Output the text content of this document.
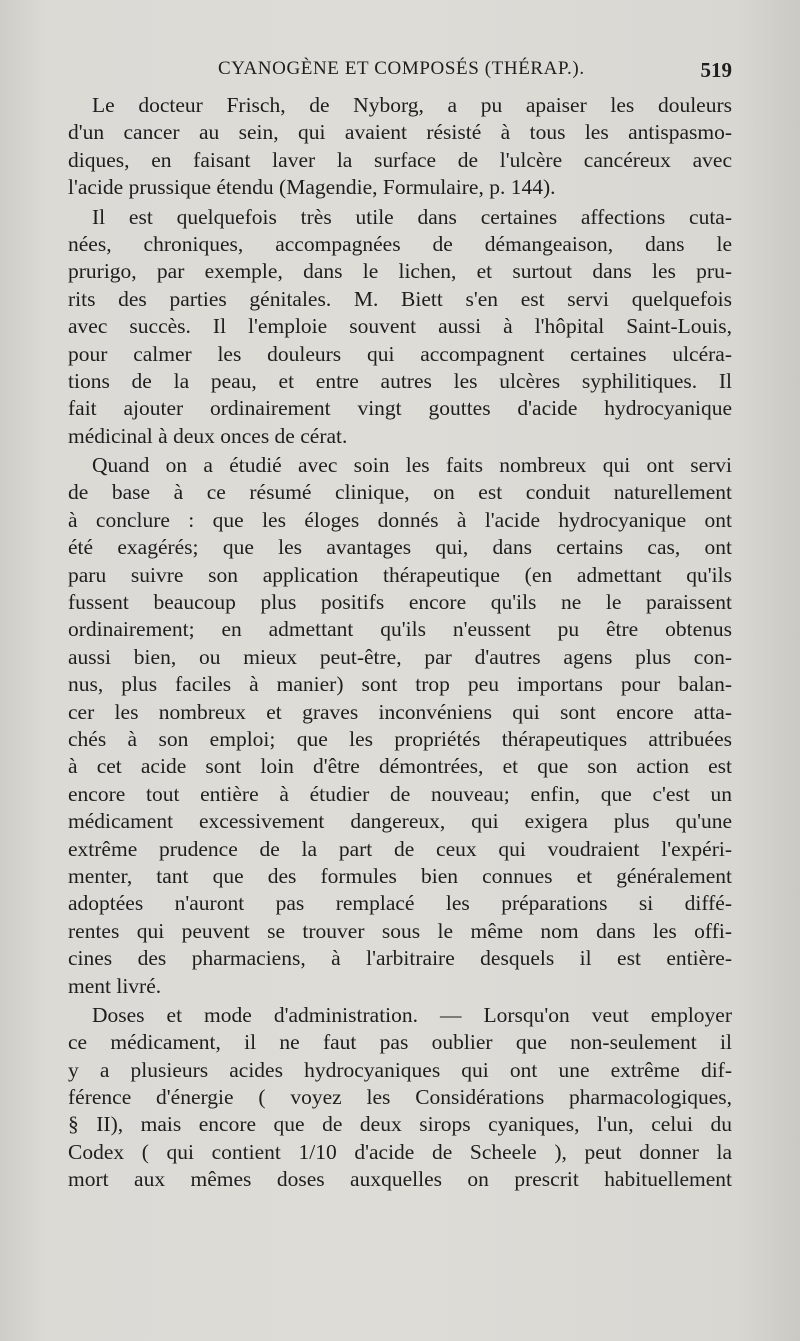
CYANOGÈNE ET COMPOSÉS (THÉRAP.).	519
Le docteur Frisch, de Nyborg, a pu apaiser les douleurs
d'un cancer au sein, qui avaient résisté à tous les antispasmo-
diques, en faisant laver la surface de l'ulcère cancéreux avec
l'acide prussique étendu (Magendie, Formulaire, p. 144).
Il est quelquefois très utile dans certaines affections cuta-
nées, chroniques, accompagnées de démangeaison, dans le
prurigo, par exemple, dans le lichen, et surtout dans les pru-
rits des parties génitales. M. Biett s'en est servi quelquefois
avec succès. Il l'emploie souvent aussi à l'hôpital Saint-Louis,
pour calmer les douleurs qui accompagnent certaines ulcéra-
tions de la peau, et entre autres les ulcères syphilitiques. Il
fait ajouter ordinairement vingt gouttes d'acide hydrocyanique
médicinal à deux onces de cérat.
Quand on a étudié avec soin les faits nombreux qui ont servi
de base à ce résumé clinique, on est conduit naturellement
à conclure : que les éloges donnés à l'acide hydrocyanique ont
été exagérés; que les avantages qui, dans certains cas, ont
paru suivre son application thérapeutique (en admettant qu'ils
fussent beaucoup plus positifs encore qu'ils ne le paraissent
ordinairement; en admettant qu'ils n'eussent pu être obtenus
aussi bien, ou mieux peut-être, par d'autres agens plus con-
nus, plus faciles à manier) sont trop peu importans pour balan-
cer les nombreux et graves inconvéniens qui sont encore atta-
chés à son emploi; que les propriétés thérapeutiques attribuées
à cet acide sont loin d'être démontrées, et que son action est
encore tout entière à étudier de nouveau; enfin, que c'est un
médicament excessivement dangereux, qui exigera plus qu'une
extrême prudence de la part de ceux qui voudraient l'expéri-
menter, tant que des formules bien connues et généralement
adoptées n'auront pas remplacé les préparations si diffé-
rentes qui peuvent se trouver sous le même nom dans les offi-
cines des pharmaciens, à l'arbitraire desquels il est entière-
ment livré.
Doses et mode d'administration. — Lorsqu'on veut employer
ce médicament, il ne faut pas oublier que non-seulement il
y a plusieurs acides hydrocyaniques qui ont une extrême dif-
férence d'énergie ( voyez les Considérations pharmacologiques,
§ II), mais encore que de deux sirops cyaniques, l'un, celui du
Codex ( qui contient 1/10 d'acide de Scheele ), peut donner la
mort aux mêmes doses auxquelles on prescrit habituellement
